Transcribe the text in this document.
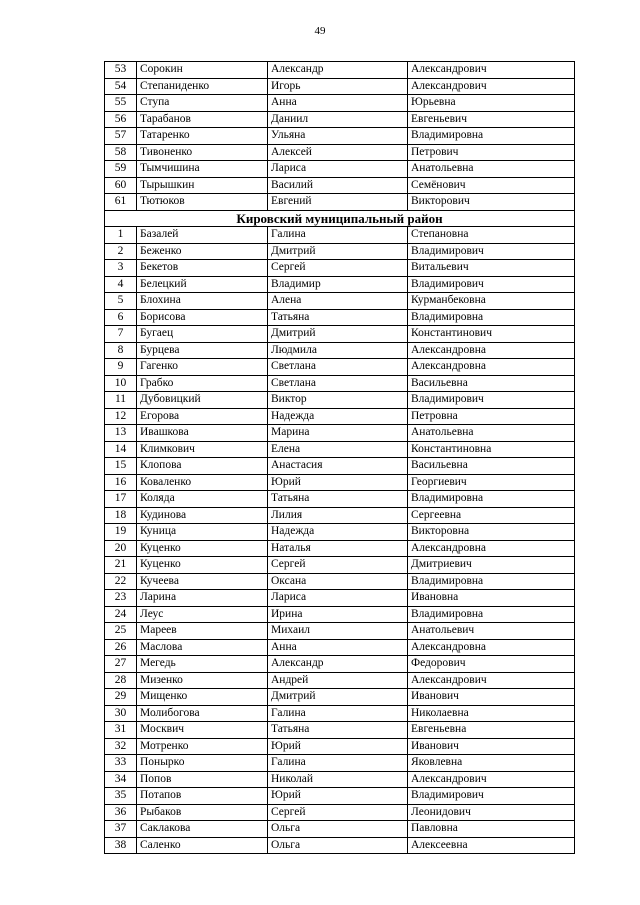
49
53	Сорокин	Александр	Александрович
54	Степаниденко	Игорь	Александрович
55	Ступа	Анна	Юрьевна
56	Тарабанов	Даниил	Евгеньевич
57	Татаренко	Ульяна	Владимировна
58	Тивоненко	Алексей	Петрович
59	Тымчишина	Лариса	Анатольевна
60	Тырышкин	Василий	Семёнович
61	Тютюков	Евгений	Викторович
Кировский муниципальный район			
1	Базалей	Галина	Степановна
2	Беженко	Дмитрий	Владимирович
3	Бекетов	Сергей	Витальевич
4	Белецкий	Владимир	Владимирович
5	Блохина	Алена	Курманбековна
6	Борисова	Татьяна	Владимировна
7	Бугаец	Дмитрий	Константинович
8	Бурцева	Людмила	Александровна
9	Гагенко	Светлана	Александровна
10	Грабко	Светлана	Васильевна
11	Дубовицкий	Виктор	Владимирович
12	Егорова	Надежда	Петровна
13	Ивашкова	Марина	Анатольевна
14	Климкович	Елена	Константиновна
15	Клопова	Анастасия	Васильевна
16	Коваленко	Юрий	Георгиевич
17	Коляда	Татьяна	Владимировна
18	Кудинова	Лилия	Сергеевна
19	Куница	Надежда	Викторовна
20	Куценко	Наталья	Александровна
21	Куценко	Сергей	Дмитриевич
22	Кучеева	Оксана	Владимировна
23	Ларина	Лариса	Ивановна
24	Леус	Ирина	Владимировна
25	Мареев	Михаил	Анатольевич
26	Маслова	Анна	Александровна
27	Мегедь	Александр	Федорович
28	Мизенко	Андрей	Александрович
29	Мищенко	Дмитрий	Иванович
30	Молибогова	Галина	Николаевна
31	Москвич	Татьяна	Евгеньевна
32	Мотренко	Юрий	Иванович
33	Понырко	Галина	Яковлевна
34	Попов	Николай	Александрович
35	Потапов	Юрий	Владимирович
36	Рыбаков	Сергей	Леонидович
37	Саклакова	Ольга	Павловна
38	Саленко	Ольга	Алексеевна
